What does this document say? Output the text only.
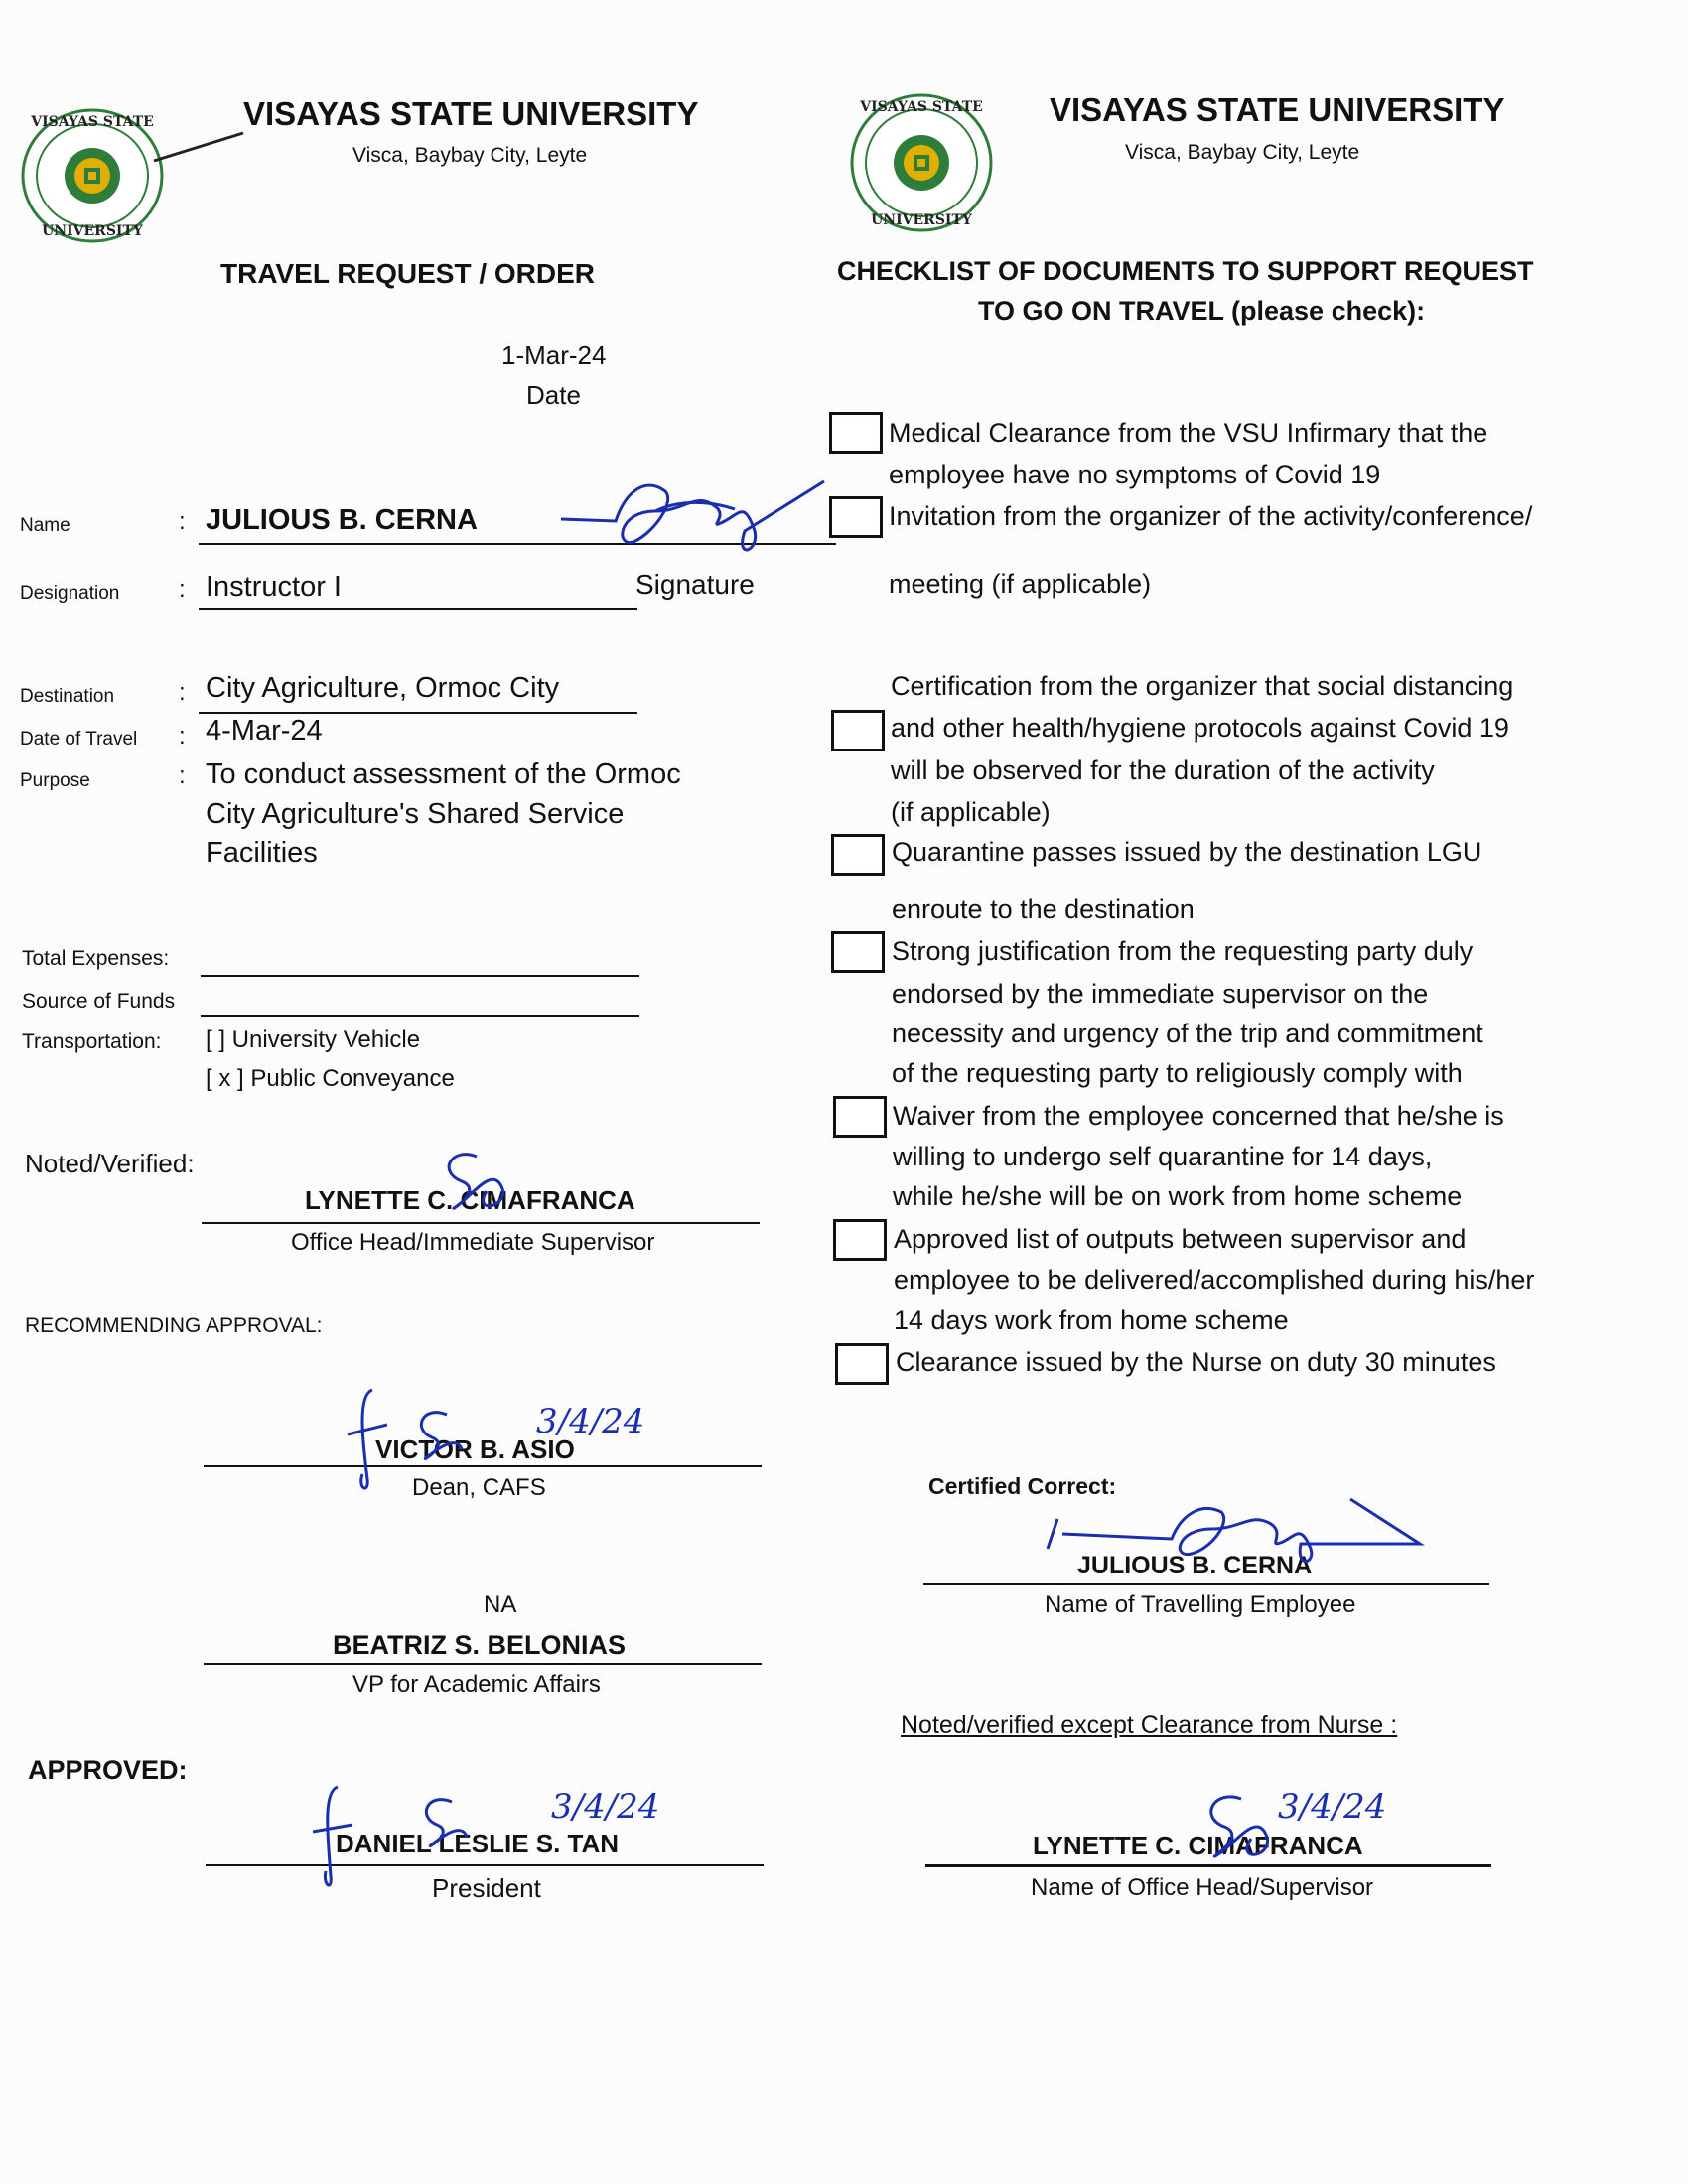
VISAYAS STATE
UNIVERSITY
VISAYAS STATE UNIVERSITY
Visca, Baybay City, Leyte
TRAVEL REQUEST / ORDER
1-Mar-24
Date
Name	: JULIOUS B. CERNA
Signature
Designation : Instructor I
Destination	: City Agriculture, Ormoc City
Date of Travel : 4-Mar-24
Purpose	: To conduct assessment of the Ormoc
City Agriculture's Shared Service
Facilities
Total Expenses:
Source of Funds
Transportation: [ ] University Vehicle
[ x ] Public Conveyance
Noted/Verified:
LYNETTE C. CIMAFRANCA
Office Head/Immediate Supervisor
RECOMMENDING APPROVAL:
VICTOR B. ASIO
Dean, CAFS
3/4/24
NA
BEATRIZ S. BELONIAS
VP for Academic Affairs
APPROVED:
DANIEL LESLIE S. TAN
President
3/4/24
VISAYAS STATE
UNIVERSITY
VISAYAS STATE UNIVERSITY
Visca, Baybay City, Leyte
CHECKLIST OF DOCUMENTS TO SUPPORT REQUEST
TO GO ON TRAVEL (please check):
Medical Clearance from the VSU Infirmary that the
employee have no symptoms of Covid 19
Invitation from the organizer of the activity/conference/
meeting (if applicable)
Certification from the organizer that social distancing
and other health/hygiene protocols against Covid 19
will be observed for the duration of the activity
(if applicable)
Quarantine passes issued by the destination LGU
enroute to the destination
Strong justification from the requesting party duly
endorsed by the immediate supervisor on the
necessity and urgency of the trip and commitment
of the requesting party to religiously comply with
Waiver from the employee concerned that he/she is
willing to undergo self quarantine for 14 days,
while he/she will be on work from home scheme
Approved list of outputs between supervisor and
employee to be delivered/accomplished during his/her
14 days work from home scheme
Clearance issued by the Nurse on duty 30 minutes
Certified Correct:
JULIOUS B. CERNA
Name of Travelling Employee
Noted/verified except Clearance from Nurse :
LYNETTE C. CIMAFRANCA
Name of Office Head/Supervisor
3/4/24
